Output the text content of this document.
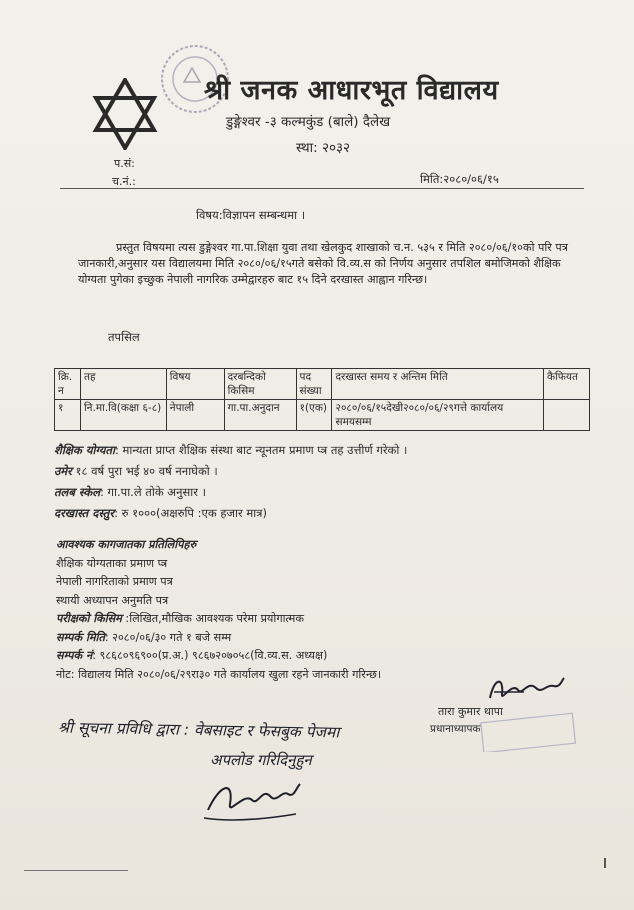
श्री जनक आधारभूत विद्यालय
डुङ्गेश्वर -३ कल्मकुंड (बाले) दैलेख
स्था: २०३२
प.सं:
च.नं.:	मिति:२०८०/०६/१५
विषय:विज्ञापन सम्बन्धमा ।
प्रस्तुत विषयमा त्यस डुङ्गेश्वर गा.पा.शिक्षा युवा तथा खेलकुद शाखाको च.न. ५३५ र मिति २०८०/०६/१०को परि पत्र जानकारी,अनुसार यस विद्यालयमा मिति २०८०/०६/१५गते बसेको वि.व्य.स को निर्णय अनुसार तपशिल बमोजिमको शैक्षिक योग्यता पुगेका इच्छुक नेपाली नागरिक उम्मेद्वारहरु बाट १५ दिने दरखास्त आह्वान गरिन्छ।
तपसिल
क्रि. न	तह	विषय	दरबन्दिको किसिम	पद संख्या	दरखास्त समय र अन्तिम मिति	कैफियत
१	नि.मा.वि(कक्षा ६-८)	नेपाली	गा.पा.अनुदान	१(एक)	२०८०/०६/१५देखी२०८०/०६/२९गत्ते कार्यालय समयसम्म	
शैक्षिक योग्यता: मान्यता प्राप्त शैक्षिक संस्था बाट न्यूनतम प्रमाण प्त्र तह उत्तीर्ण गरेको ।
उमेर १८ वर्ष पुरा भई ४० वर्ष ननाघेको ।
तलब स्केल: गा.पा.ले तोके अनुसार ।
दरखास्त दस्तुर: रु १०००(अक्षरुपि :एक हजार मात्र)
आवश्यक कागजातका प्रतिलिपिहरु
शैक्षिक योग्यताका प्रमाण प्त्र
नेपाली नागरिताको प्रमाण पत्र
स्थायी अध्यापन अनुमति पत्र
परीक्षको किसिम :लिखित,मौखिक आवश्यक परेमा प्रयोगात्मक
सम्पर्क मिति: २०८०/०६/३० गते १ बजे सम्म
सम्पर्क नं: ९८६८०९६९००(प्र.अ.) ९८६७२०७०५८(वि.व्य.स. अध्यक्ष)
नोट: विद्यालय मिति २०८०/०६/२९रा३० गते कार्यालय खुला रहने जानकारी गरिन्छ।
तारा कुमार थापा
प्रधानाध्यापक
श्री सूचना प्रविधि द्वारा : वेबसाइट र फेसबुक पेजमा
अपलोड गरिदिनुहुन
